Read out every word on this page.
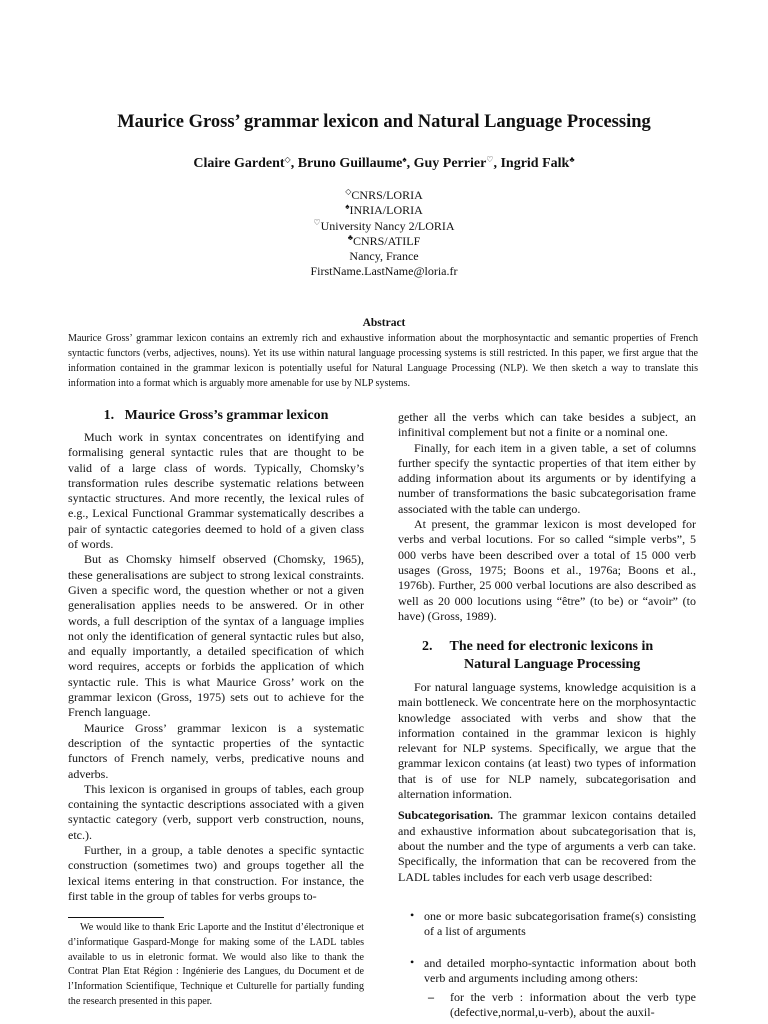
Maurice Gross’ grammar lexicon and Natural Language Processing
Claire Gardent◇, Bruno Guillaume♠, Guy Perrier♡, Ingrid Falk♣
◇CNRS/LORIA
♠INRIA/LORIA
♡University Nancy 2/LORIA
♣CNRS/ATILF
Nancy, France
FirstName.LastName@loria.fr
Abstract
Maurice Gross’ grammar lexicon contains an extremly rich and exhaustive information about the morphosyntactic and semantic properties of French syntactic functors (verbs, adjectives, nouns). Yet its use within natural language processing systems is still restricted. In this paper, we first argue that the information contained in the grammar lexicon is potentially useful for Natural Language Processing (NLP). We then sketch a way to translate this information into a format which is arguably more amenable for use by NLP systems.
1. Maurice Gross’s grammar lexicon

Much work in syntax concentrates on identifying and formalising general syntactic rules that are thought to be valid of a large class of words. Typically, Chomsky’s transformation rules describe systematic relations between syntactic structures. And more recently, the lexical rules of e.g., Lexical Functional Grammar systematically describes a pair of syntactic categories deemed to hold of a given class of words.

But as Chomsky himself observed (Chomsky, 1965), these generalisations are subject to strong lexical constraints. Given a specific word, the question whether or not a given generalisation applies needs to be answered. Or in other words, a full description of the syntax of a language implies not only the identification of general syntactic rules but also, and equally importantly, a detailed specification of which word requires, accepts or forbids the application of which syntactic rule. This is what Maurice Gross’ work on the grammar lexicon (Gross, 1975) sets out to achieve for the French language.

Maurice Gross’ grammar lexicon is a systematic description of the syntactic properties of the syntactic functors of French namely, verbs, predicative nouns and adverbs.

This lexicon is organised in groups of tables, each group containing the syntactic descriptions associated with a given syntactic category (verb, support verb construction, nouns, etc.).

Further, in a group, a table denotes a specific syntactic construction (sometimes two) and groups together all the lexical items entering in that construction. For instance, the first table in the group of tables for verbs groups to-

We would like to thank Eric Laporte and the Institut d’électronique et d’informatique Gaspard-Monge for making some of the LADL tables available to us in eletronic format. We would also like to thank the Contrat Plan Etat Région : Ingénierie des Langues, du Document et de l’Information Scientifique, Technique et Culturelle for partially funding the research presented in this paper.

gether all the verbs which can take besides a subject, an infinitival complement but not a finite or a nominal one.

Finally, for each item in a given table, a set of columns further specify the syntactic properties of that item either by adding information about its arguments or by identifying a number of transformations the basic subcategorisation frame associated with the table can undergo.

At present, the grammar lexicon is most developed for verbs and verbal locutions. For so called “simple verbs”, 5 000 verbs have been described over a total of 15 000 verb usages (Gross, 1975; Boons et al., 1976a; Boons et al., 1976b). Further, 25 000 verbal locutions are also described as well as 20 000 locutions using “être” (to be) or “avoir” (to have) (Gross, 1989).

2. The need for electronic lexicons in
Natural Language Processing

For natural language systems, knowledge acquisition is a main bottleneck. We concentrate here on the morphosyntactic knowledge associated with verbs and show that the information contained in the grammar lexicon is highly relevant for NLP systems. Specifically, we argue that the grammar lexicon contains (at least) two types of information that is of use for NLP namely, subcategorisation and alternation information.

Subcategorisation. The grammar lexicon contains detailed and exhaustive information about subcategorisation that is, about the number and the type of arguments a verb can take. Specifically, the information that can be recovered from the LADL tables includes for each verb usage described:

• one or more basic subcategorisation frame(s) consisting of a list of arguments
• and detailed morpho-syntactic information about both verb and arguments including among others:
– for the verb : information about the verb type (defective,normal,u-verb), about the auxil-
